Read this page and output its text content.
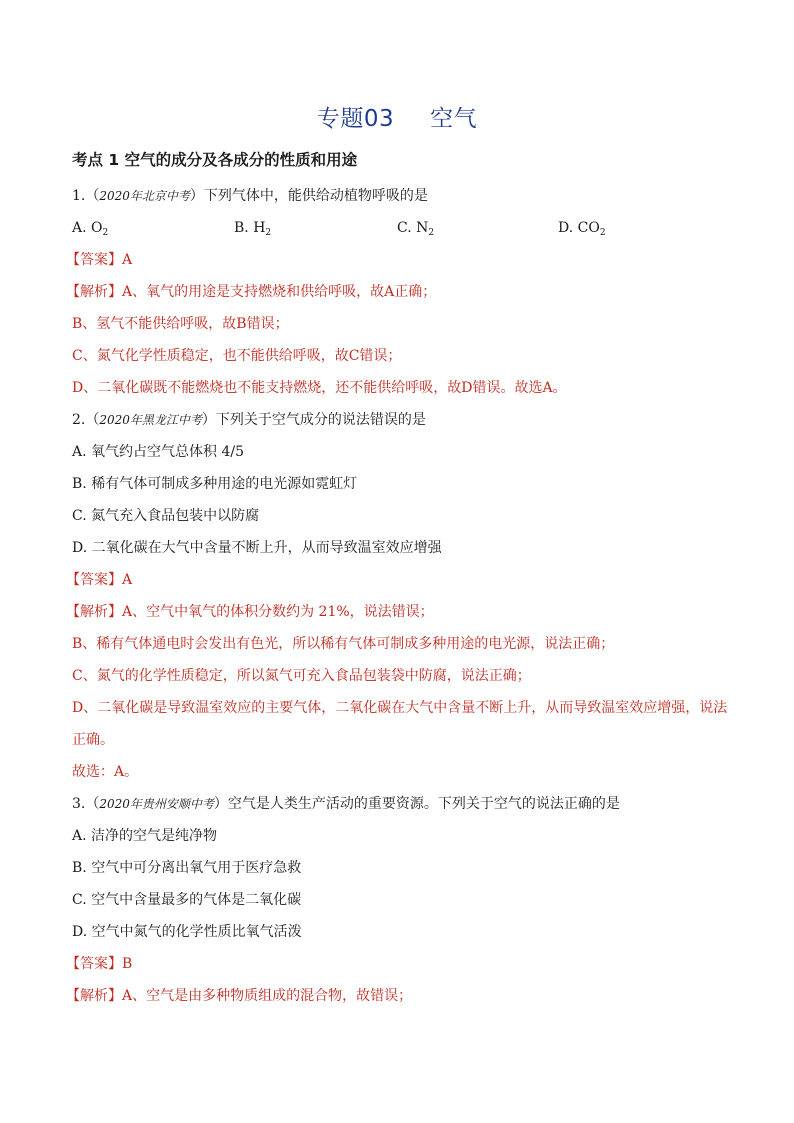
专题03 空气
考点 1 空气的成分及各成分的性质和用途
1.（2020年北京中考）下列气体中，能供给动植物呼吸的是
A. $O_2$	B. $H_2$	C. $N_2$	D. $CO_2$
【答案】A
【解析】A、氧气的用途是支持燃烧和供给呼吸，故A正确；
B、氢气不能供给呼吸，故B错误；
C、氮气化学性质稳定，也不能供给呼吸，故C错误；
D、二氧化碳既不能燃烧也不能支持燃烧，还不能供给呼吸，故D错误。故选A。
2.（2020年黑龙江中考）下列关于空气成分的说法错误的是
A. 氧气约占空气总体积 4/5
B. 稀有气体可制成多种用途的电光源如霓虹灯
C. 氮气充入食品包装中以防腐
D. 二氧化碳在大气中含量不断上升，从而导致温室效应增强
【答案】A
【解析】A、空气中氧气的体积分数约为 21%，说法错误；
B、稀有气体通电时会发出有色光，所以稀有气体可制成多种用途的电光源，说法正确；
C、氮气的化学性质稳定，所以氮气可充入食品包装袋中防腐，说法正确；
D、二氧化碳是导致温室效应的主要气体，二氧化碳在大气中含量不断上升，从而导致温室效应增强，说法
正确。
故选：A。
3.（2020年贵州安顺中考）空气是人类生产活动的重要资源。下列关于空气的说法正确的是
A. 洁净的空气是纯净物
B. 空气中可分离出氧气用于医疗急救
C. 空气中含量最多的气体是二氧化碳
D. 空气中氮气的化学性质比氧气活泼
【答案】B
【解析】A、空气是由多种物质组成的混合物，故错误；
